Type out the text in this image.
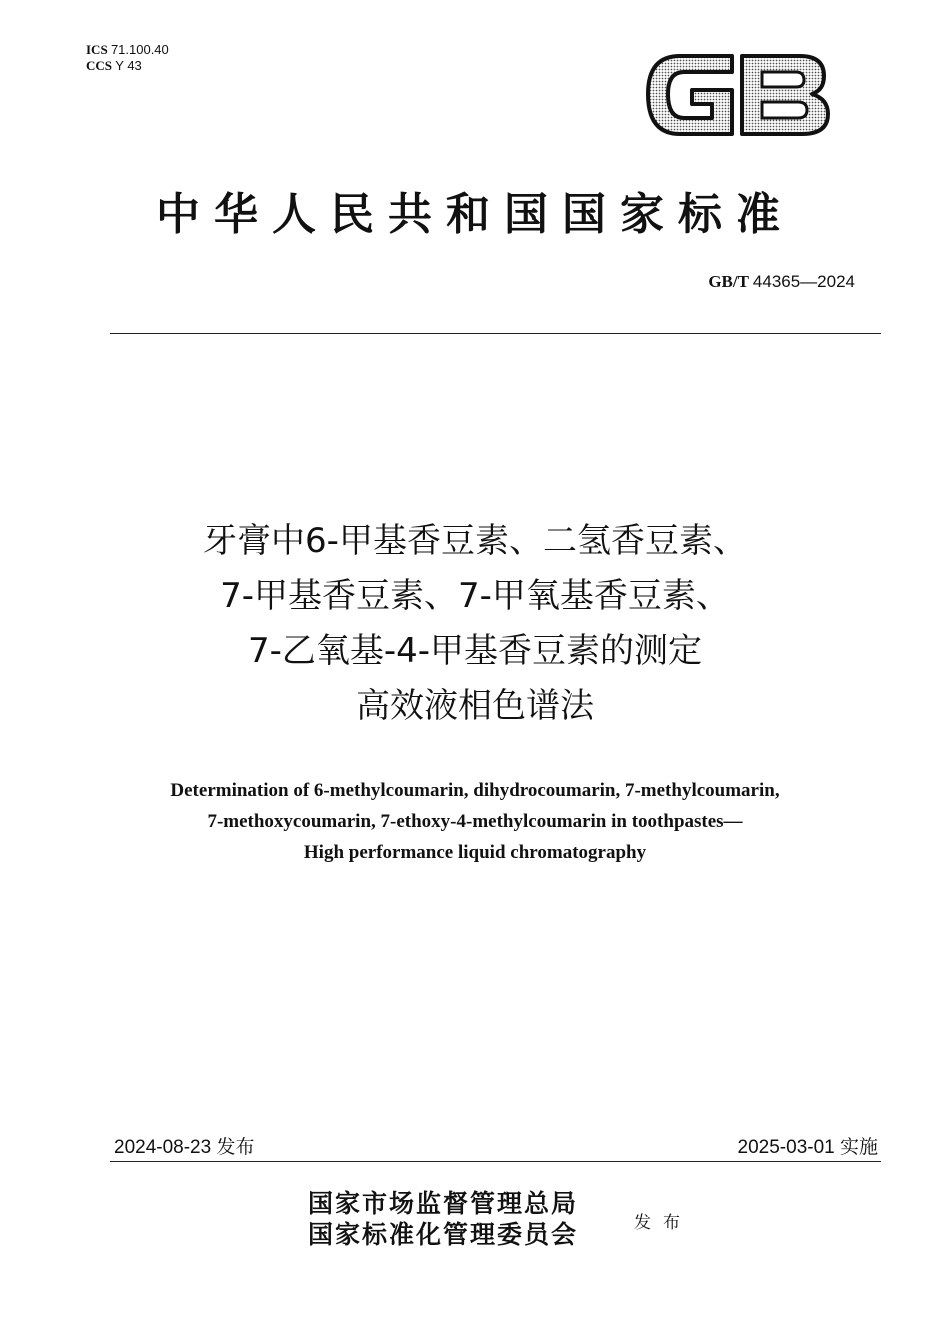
ICS 71.100.40
CCS Y 43
中华人民共和国国家标准
GB/T 44365—2024
牙膏中6-甲基香豆素、二氢香豆素、
7-甲基香豆素、7-甲氧基香豆素、
7-乙氧基-4-甲基香豆素的测定
高效液相色谱法
Determination of 6-methylcoumarin, dihydrocoumarin, 7-methylcoumarin,
7-methoxycoumarin, 7-ethoxy-4-methylcoumarin in toothpastes—
High performance liquid chromatography
2024-08-23 发布	2025-03-01 实施
国家市场监督管理总局
国家标准化管理委员会	发布
